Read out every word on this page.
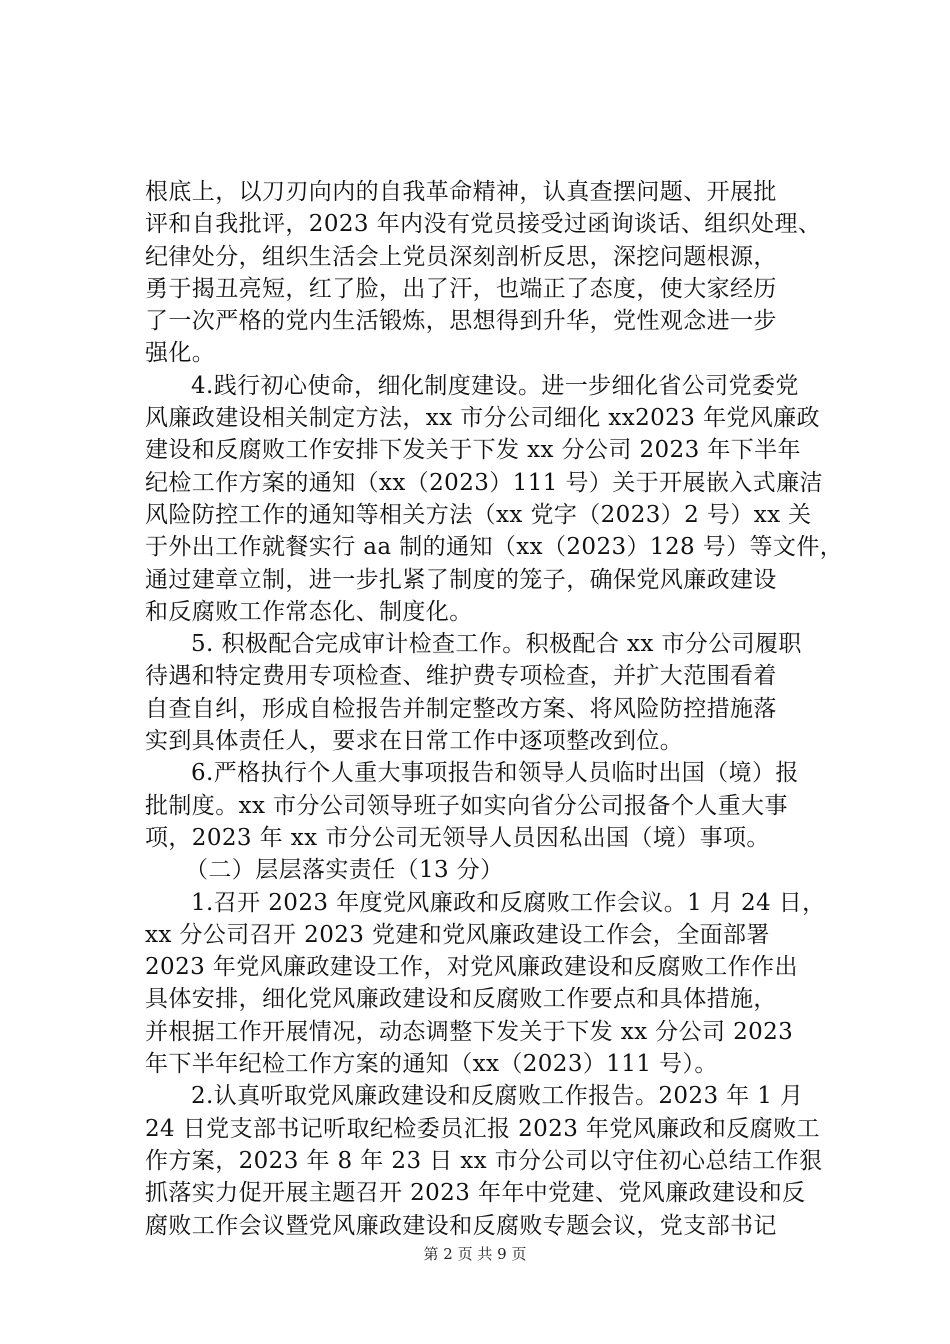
根底上，以刀刃向内的自我革命精神，认真查摆问题、开展批
评和自我批评，2023 年内没有党员接受过函询谈话、组织处理、
纪律处分，组织生活会上党员深刻剖析反思，深挖问题根源，
勇于揭丑亮短，红了脸，出了汗，也端正了态度，使大家经历
了一次严格的党内生活锻炼，思想得到升华，党性观念进一步
强化。
4.践行初心使命，细化制度建设。进一步细化省公司党委党
风廉政建设相关制定方法，xx 市分公司细化 xx2023 年党风廉政
建设和反腐败工作安排下发关于下发 xx 分公司 2023 年下半年
纪检工作方案的通知（xx（2023）111 号）关于开展嵌入式廉洁
风险防控工作的通知等相关方法（xx 党字（2023）2 号）xx 关
于外出工作就餐实行 aa 制的通知（xx（2023）128 号）等文件，
通过建章立制，进一步扎紧了制度的笼子，确保党风廉政建设
和反腐败工作常态化、制度化。
5. 积极配合完成审计检查工作。积极配合 xx 市分公司履职
待遇和特定费用专项检查、维护费专项检查，并扩大范围看着
自查自纠，形成自检报告并制定整改方案、将风险防控措施落
实到具体责任人，要求在日常工作中逐项整改到位。
6.严格执行个人重大事项报告和领导人员临时出国（境）报
批制度。xx 市分公司领导班子如实向省分公司报备个人重大事
项，2023 年 xx 市分公司无领导人员因私出国（境）事项。
（二）层层落实责任（13 分）
1.召开 2023 年度党风廉政和反腐败工作会议。1 月 24 日，
xx 分公司召开 2023 党建和党风廉政建设工作会，全面部署
2023 年党风廉政建设工作，对党风廉政建设和反腐败工作作出
具体安排，细化党风廉政建设和反腐败工作要点和具体措施，
并根据工作开展情况，动态调整下发关于下发 xx 分公司 2023
年下半年纪检工作方案的通知（xx（2023）111 号）。
2.认真听取党风廉政建设和反腐败工作报告。2023 年 1 月
24 日党支部书记听取纪检委员汇报 2023 年党风廉政和反腐败工
作方案，2023 年 8 年 23 日 xx 市分公司以守住初心总结工作狠
抓落实力促开展主题召开 2023 年年中党建、党风廉政建设和反
腐败工作会议暨党风廉政建设和反腐败专题会议，党支部书记
第 2 页 共 9 页
